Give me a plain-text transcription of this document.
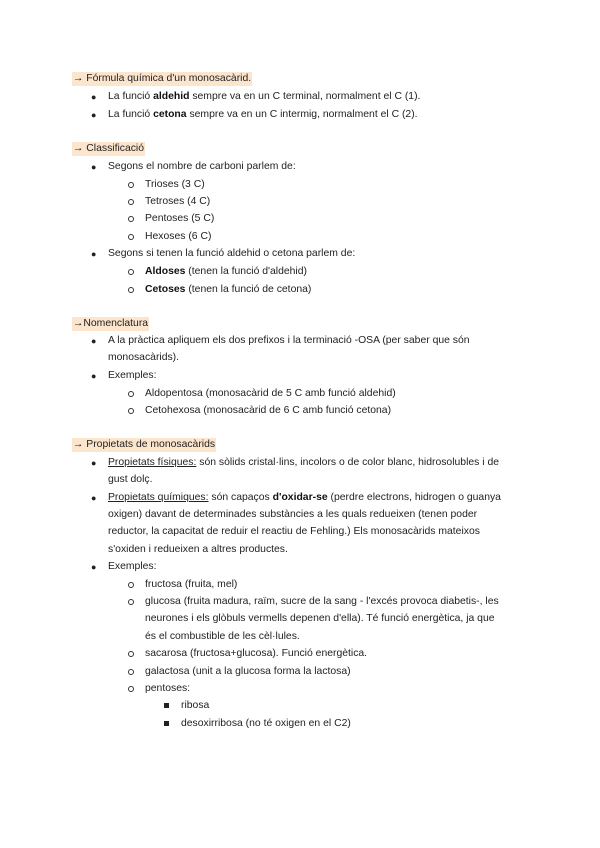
→ Fórmula química d'un monosacàrid.
● La funció aldehid sempre va en un C terminal, normalment el C (1).
● La funció cetona sempre va en un C intermig, normalment el C (2).
→ Classificació
● Segons el nombre de carboni parlem de:
Trioses (3 C)
Tetroses (4 C)
Pentoses (5 C)
Hexoses (6 C)
● Segons si tenen la funció aldehid o cetona parlem de:
Aldoses (tenen la funció d'aldehid)
Cetoses (tenen la funció de cetona)
→Nomenclatura
● A la pràctica apliquem els dos prefixos i la terminació -OSA (per saber que són
monosacàrids).
● Exemples:
Aldopentosa (monosacàrid de 5 C amb funció aldehid)
Cetohexosa (monosacàrid de 6 C amb funció cetona)
→ Propietats de monosacàrids
● Propietats físiques: són sòlids cristal·lins, incolors o de color blanc, hidrosolubles i de
gust dolç.
● Propietats químiques: són capaços d'oxidar-se (perdre electrons, hidrogen o guanya
oxigen) davant de determinades substàncies a les quals redueixen (tenen poder
reductor, la capacitat de reduir el reactiu de Fehling.) Els monosacàrids mateixos
s'oxiden i redueixen a altres productes.
● Exemples:
fructosa (fruita, mel)
glucosa (fruita madura, raïm, sucre de la sang - l'excés provoca diabetis-, les
neurones i els glòbuls vermells depenen d'ella). Té funció energètica, ja que
és el combustible de les cèl·lules.
sacarosa (fructosa+glucosa). Funció energètica.
galactosa (unit a la glucosa forma la lactosa)
pentoses:
ribosa
desoxirribosa (no té oxigen en el C2)
